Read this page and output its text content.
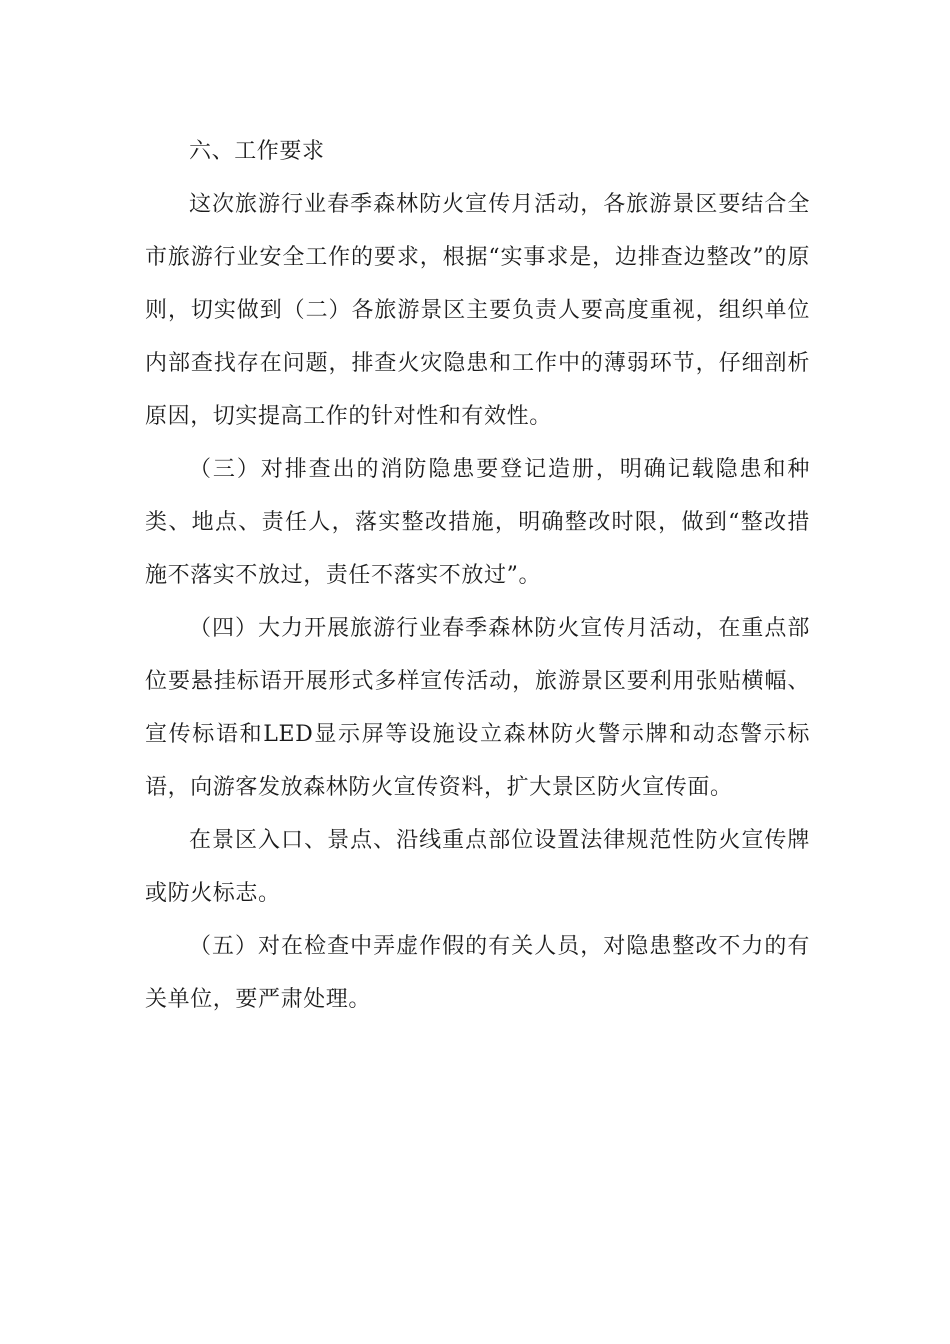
六、工作要求

这次旅游行业春季森林防火宣传月活动，各旅游景区要结合全市旅游行业安全工作的要求，根据“实事求是，边排查边整改”的原则，切实做到（二）各旅游景区主要负责人要高度重视，组织单位内部查找存在问题，排查火灾隐患和工作中的薄弱环节，仔细剖析原因，切实提高工作的针对性和有效性。

（三）对排查出的消防隐患要登记造册，明确记载隐患和种类、地点、责任人，落实整改措施，明确整改时限，做到“整改措施不落实不放过，责任不落实不放过”。

（四）大力开展旅游行业春季森林防火宣传月活动，在重点部位要悬挂标语开展形式多样宣传活动，旅游景区要利用张贴横幅、宣传标语和LED显示屏等设施设立森林防火警示牌和动态警示标语，向游客发放森林防火宣传资料，扩大景区防火宣传面。

在景区入口、景点、沿线重点部位设置法律规范性防火宣传牌或防火标志。

（五）对在检查中弄虚作假的有关人员，对隐患整改不力的有关单位，要严肃处理。
